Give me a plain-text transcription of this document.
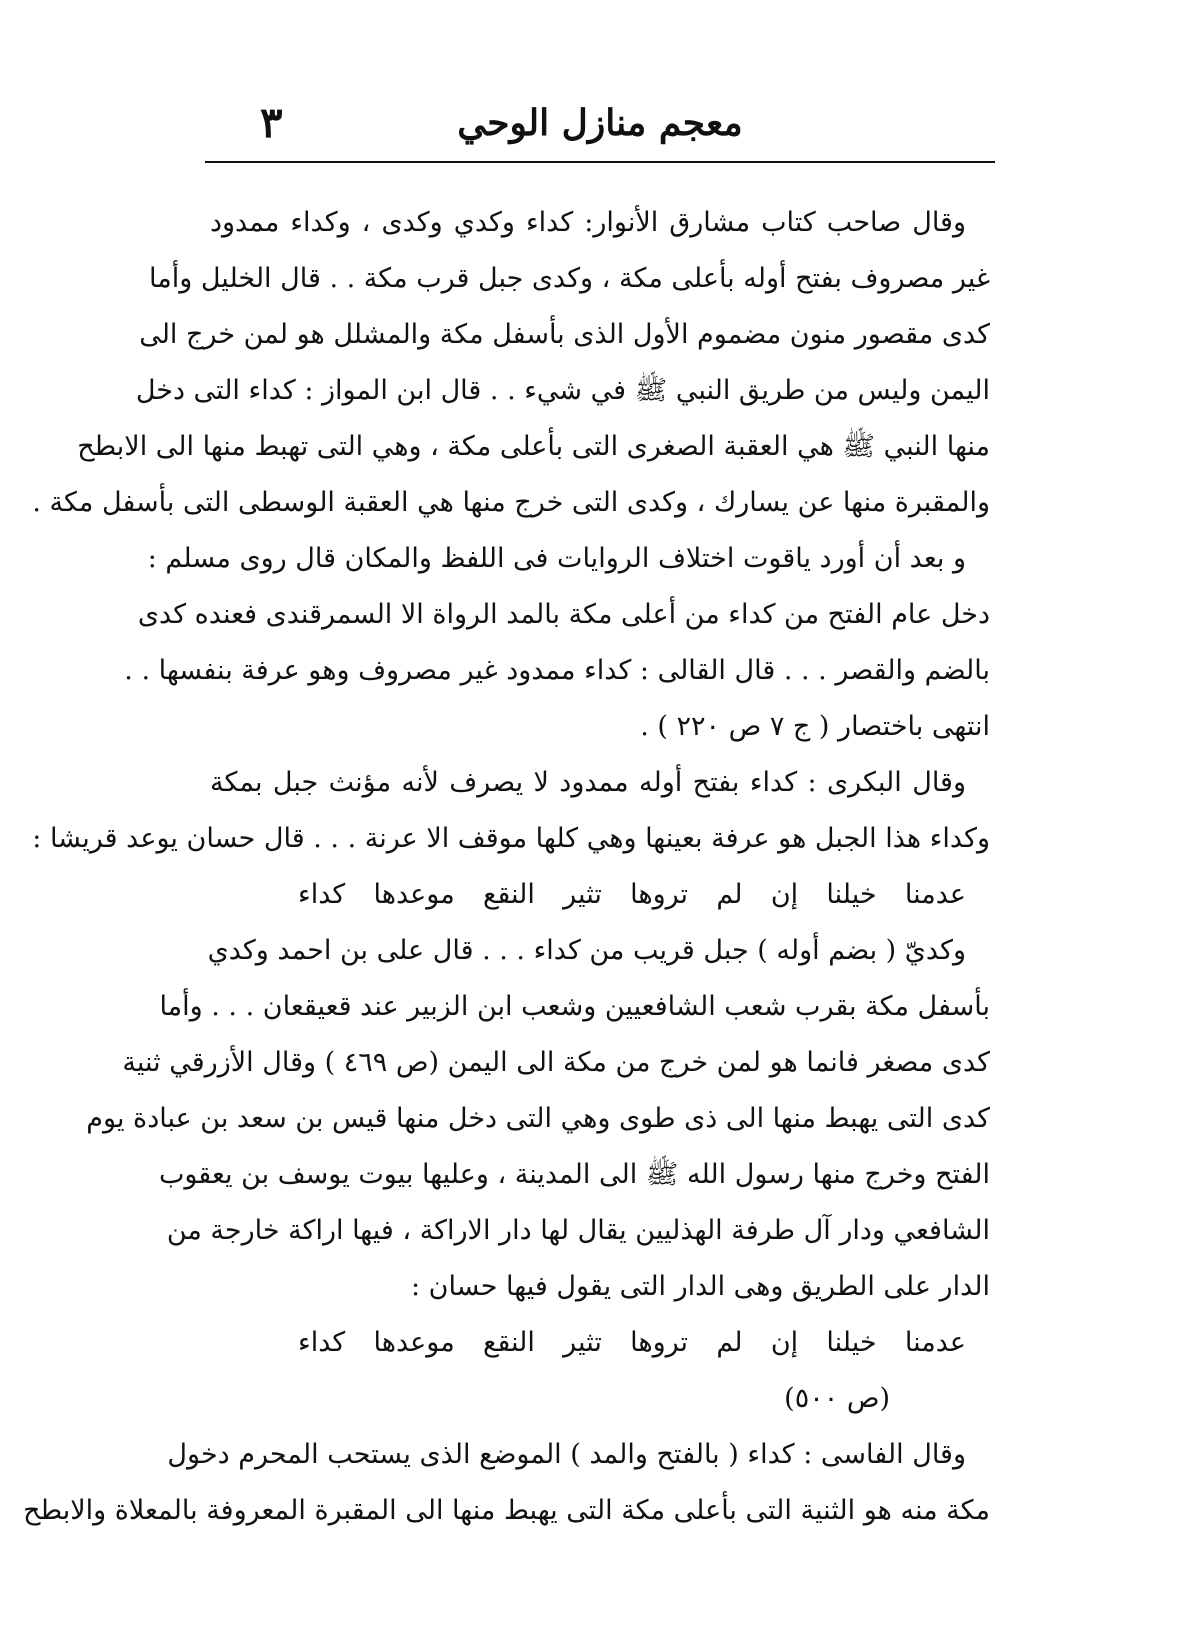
معجم منازل الوحي
٣
وقال صاحب كتاب مشارق الأنوار: كداء وكدي وكدى ، وكداء ممدود
غير مصروف بفتح أوله بأعلى مكة ، وكدى جبل قرب مكة . . قال الخليل وأما
كدى مقصور منون مضموم الأول الذى بأسفل مكة والمشلل هو لمن خرج الى
اليمن وليس من طريق النبي ﷺ في شيء . . قال ابن المواز : كداء التى دخل
منها النبي ﷺ هي العقبة الصغرى التى بأعلى مكة ، وهي التى تهبط منها الى الابطح
والمقبرة منها عن يسارك ، وكدى التى خرج منها هي العقبة الوسطى التى بأسفل مكة .
و بعد أن أورد ياقوت اختلاف الروايات فى اللفظ والمكان قال روى مسلم :
دخل عام الفتح من كداء من أعلى مكة بالمد الرواة الا السمرقندى فعنده كدى
بالضم والقصر . . . قال القالى : كداء ممدود غير مصروف وهو عرفة بنفسها . .
انتهى باختصار ( ج ٧ ص ٢٢٠ ) .
وقال البكرى : كداء بفتح أوله ممدود لا يصرف لأنه مؤنث جبل بمكة
وكداء هذا الجبل هو عرفة بعينها وهي كلها موقف الا عرنة . . . قال حسان يوعد قريشا :
عدمنا خيلنا إن لم تروها تثير النقع موعدها كداء
وكديّ ( بضم أوله ) جبل قريب من كداء . . . قال على بن احمد وكدي
بأسفل مكة بقرب شعب الشافعيين وشعب ابن الزبير عند قعيقعان . . . وأما
كدى مصغر فانما هو لمن خرج من مكة الى اليمن (ص ٤٦٩ ) وقال الأزرقي ثنية
كدى التى يهبط منها الى ذى طوى وهي التى دخل منها قيس بن سعد بن عبادة يوم
الفتح وخرج منها رسول الله ﷺ الى المدينة ، وعليها بيوت يوسف بن يعقوب
الشافعي ودار آل طرفة الهذليين يقال لها دار الاراكة ، فيها اراكة خارجة من
الدار على الطريق وهى الدار التى يقول فيها حسان :
عدمنا خيلنا إن لم تروها تثير النقع موعدها كداء
(ص ٥٠٠)
وقال الفاسى : كداء ( بالفتح والمد ) الموضع الذى يستحب المحرم دخول
مكة منه هو الثنية التى بأعلى مكة التى يهبط منها الى المقبرة المعروفة بالمعلاة والابطح
